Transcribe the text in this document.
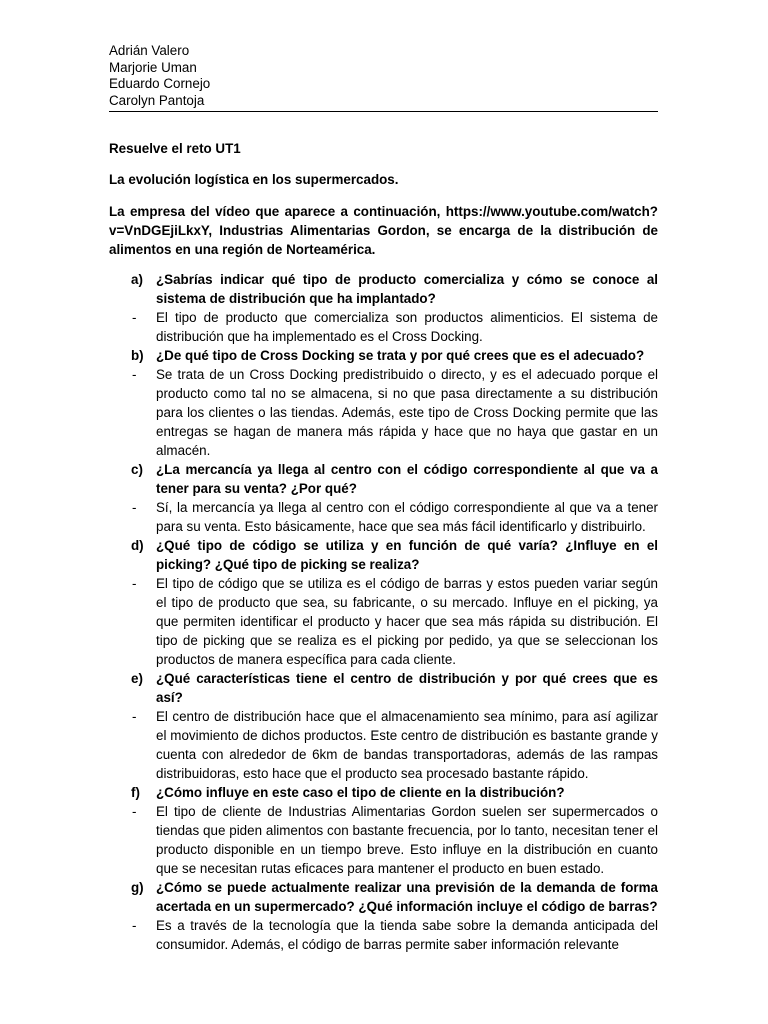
Adrián Valero
Marjorie Uman
Eduardo Cornejo
Carolyn Pantoja
Resuelve el reto UT1
La evolución logística en los supermercados.
La empresa del vídeo que aparece a continuación, https://www.youtube.com/watch?v=VnDGEjiLkxY, Industrias Alimentarias Gordon, se encarga de la distribución de alimentos en una región de Norteamérica.
a) ¿Sabrías indicar qué tipo de producto comercializa y cómo se conoce al sistema de distribución que ha implantado?
-	El tipo de producto que comercializa son productos alimenticios. El sistema de distribución que ha implementado es el Cross Docking.
b) ¿De qué tipo de Cross Docking se trata y por qué crees que es el adecuado?
-	Se trata de un Cross Docking predistribuido o directo, y es el adecuado porque el producto como tal no se almacena, si no que pasa directamente a su distribución para los clientes o las tiendas. Además, este tipo de Cross Docking permite que las entregas se hagan de manera más rápida y hace que no haya que gastar en un almacén.
c) ¿La mercancía ya llega al centro con el código correspondiente al que va a tener para su venta? ¿Por qué?
-	Sí, la mercancía ya llega al centro con el código correspondiente al que va a tener para su venta. Esto básicamente, hace que sea más fácil identificarlo y distribuirlo.
d) ¿Qué tipo de código se utiliza y en función de qué varía? ¿Influye en el picking? ¿Qué tipo de picking se realiza?
-	El tipo de código que se utiliza es el código de barras y estos pueden variar según el tipo de producto que sea, su fabricante, o su mercado. Influye en el picking, ya que permiten identificar el producto y hacer que sea más rápida su distribución. El tipo de picking que se realiza es el picking por pedido, ya que se seleccionan los productos de manera específica para cada cliente.
e) ¿Qué características tiene el centro de distribución y por qué crees que es así?
-	El centro de distribución hace que el almacenamiento sea mínimo, para así agilizar el movimiento de dichos productos. Este centro de distribución es bastante grande y cuenta con alrededor de 6km de bandas transportadoras, además de las rampas distribuidoras, esto hace que el producto sea procesado bastante rápido.
f)	¿Cómo influye en este caso el tipo de cliente en la distribución?
-	El tipo de cliente de Industrias Alimentarias Gordon suelen ser supermercados o tiendas que piden alimentos con bastante frecuencia, por lo tanto, necesitan tener el producto disponible en un tiempo breve. Esto influye en la distribución en cuanto que se necesitan rutas eficaces para mantener el producto en buen estado.
g) ¿Cómo se puede actualmente realizar una previsión de la demanda de forma acertada en un supermercado? ¿Qué información incluye el código de barras?
-	Es a través de la tecnología que la tienda sabe sobre la demanda anticipada del consumidor. Además, el código de barras permite saber información relevante
